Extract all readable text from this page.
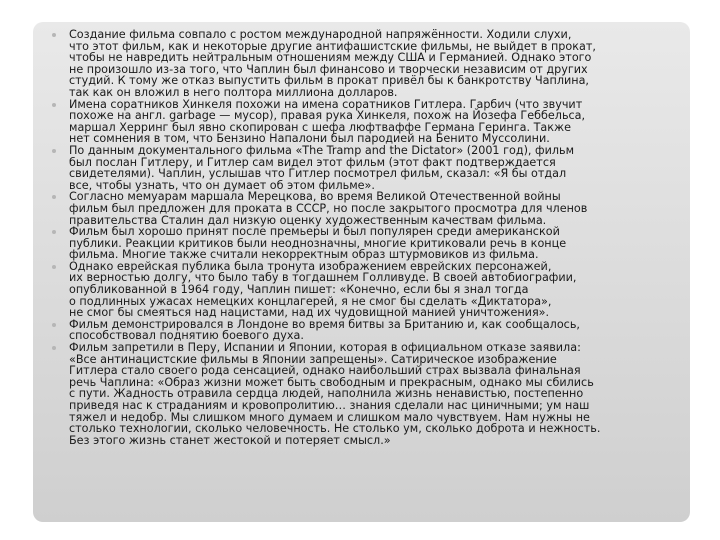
Создание фильма совпало с ростом международной напряжённости. Ходили слухи,
что этот фильм, как и некоторые другие антифашистские фильмы, не выйдет в прокат,
чтобы не навредить нейтральным отношениям между США и Германией. Однако этого
не произошло из-за того, что Чаплин был финансово и творчески независим от других
студий. К тому же отказ выпустить фильм в прокат привёл бы к банкротству Чаплина,
так как он вложил в него полтора миллиона долларов.
Имена соратников Хинкеля похожи на имена соратников Гитлера. Гарбич (что звучит
похоже на англ. garbage — мусор), правая рука Хинкеля, похож на Йозефа Геббельса,
маршал Херринг был явно скопирован с шефа люфтваффе Германа Геринга. Также
нет сомнения в том, что Бензино Напалони был пародией на Бенито Муссолини.
По данным документального фильма «The Tramp and the Dictator» (2001 год), фильм
был послан Гитлеру, и Гитлер сам видел этот фильм (этот факт подтверждается
свидетелями). Чаплин, услышав что Гитлер посмотрел фильм, сказал: «Я бы отдал
все, чтобы узнать, что он думает об этом фильме».
Согласно мемуарам маршала Мерецкова, во время Великой Отечественной войны
фильм был предложен для проката в СССР, но после закрытого просмотра для членов
правительства Сталин дал низкую оценку художественным качествам фильма.
Фильм был хорошо принят после премьеры и был популярен среди американской
публики. Реакции критиков были неоднозначны, многие критиковали речь в конце
фильма. Многие также считали некорректным образ штурмовиков из фильма.
Однако еврейская публика была тронута изображением еврейских персонажей,
их верностью долгу, что было табу в тогдашнем Голливуде. В своей автобиографии,
опубликованной в 1964 году, Чаплин пишет: «Конечно, если бы я знал тогда
о подлинных ужасах немецких концлагерей, я не смог бы сделать «Диктатора»,
не смог бы смеяться над нацистами, над их чудовищной манией уничтожения».
Фильм демонстрировался в Лондоне во время битвы за Британию и, как сообщалось,
способствовал поднятию боевого духа.
Фильм запретили в Перу, Испании и Японии, которая в официальном отказе заявила:
«Все антинацистские фильмы в Японии запрещены». Сатирическое изображение
Гитлера стало своего рода сенсацией, однако наибольший страх вызвала финальная
речь Чаплина: «Образ жизни может быть свободным и прекрасным, однако мы сбились
с пути. Жадность отравила сердца людей, наполнила жизнь ненавистью, постепенно
приведя нас к страданиям и кровопролитию… знания сделали нас циничными; ум наш
тяжел и недобр. Мы слишком много думаем и слишком мало чувствуем. Нам нужны не
столько технологии, сколько человечность. Не столько ум, сколько доброта и нежность.
Без этого жизнь станет жестокой и потеряет смысл.»
